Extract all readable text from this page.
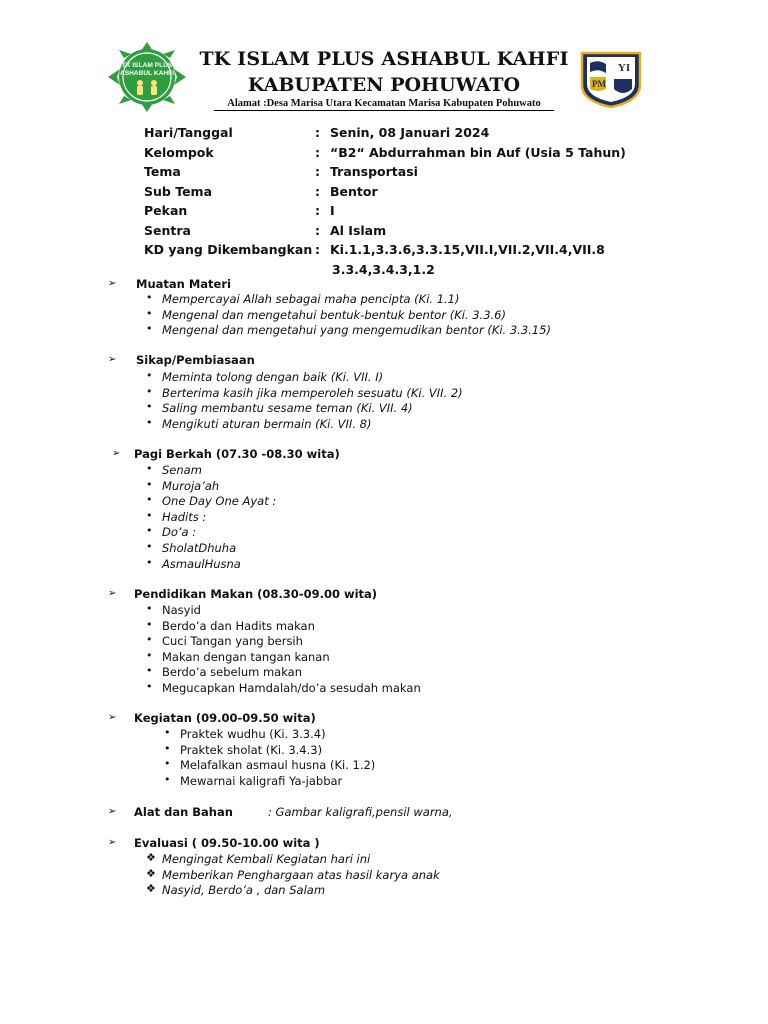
TK ISLAM PLUS
ASHABUL KAHFI
TK ISLAM PLUS ASHABUL KAHFI
KABUPATEN POHUWATO
Alamat :Desa Marisa Utara Kecamatan Marisa Kabupaten Pohuwato
YI
PM
Hari/Tanggal	: Senin, 08 Januari 2024
Kelompok	: “B2“ Abdurrahman bin Auf (Usia 5 Tahun)
Tema	: Transportasi
Sub Tema	: Bentor
Pekan	: I
Sentra	: Al Islam
KD yang Dikembangkan : Ki.1.1,3.3.6,3.3.15,VII.I,VII.2,VII.4,VII.8
3.3.4,3.4.3,1.2
➢ Muatan Materi
• Mempercayai Allah sebagai maha pencipta (Ki. 1.1)
• Mengenal dan mengetahui bentuk-bentuk bentor (Ki. 3.3.6)
• Mengenal dan mengetahui yang mengemudikan bentor (Ki. 3.3.15)
➢ Sikap/Pembiasaan
• Meminta tolong dengan baik (Ki. VII. I)
• Berterima kasih jika memperoleh sesuatu (Ki. VII. 2)
• Saling membantu sesame teman (Ki. VII. 4)
• Mengikuti aturan bermain (Ki. VII. 8)
➢ Pagi Berkah (07.30 -08.30 wita)
• Senam
• Muroja’ah
• One Day One Ayat :
• Hadits :
• Do’a :
• SholatDhuha
• AsmaulHusna
➢ Pendidikan Makan (08.30-09.00 wita)
• Nasyid
• Berdo’a dan Hadits makan
• Cuci Tangan yang bersih
• Makan dengan tangan kanan
• Berdo’a sebelum makan
• Megucapkan Hamdalah/do’a sesudah makan
➢ Kegiatan (09.00-09.50 wita)
• Praktek wudhu (Ki. 3.3.4)
• Praktek sholat (Ki. 3.4.3)
• Melafalkan asmaul husna (Ki. 1.2)
• Mewarnai kaligrafi Ya-jabbar
➢ Alat dan Bahan	: Gambar kaligrafi,pensil warna,
➢ Evaluasi ( 09.50-10.00 wita )
❖ Mengingat Kembali Kegiatan hari ini
❖ Memberikan Penghargaan atas hasil karya anak
❖ Nasyid, Berdo’a , dan Salam
